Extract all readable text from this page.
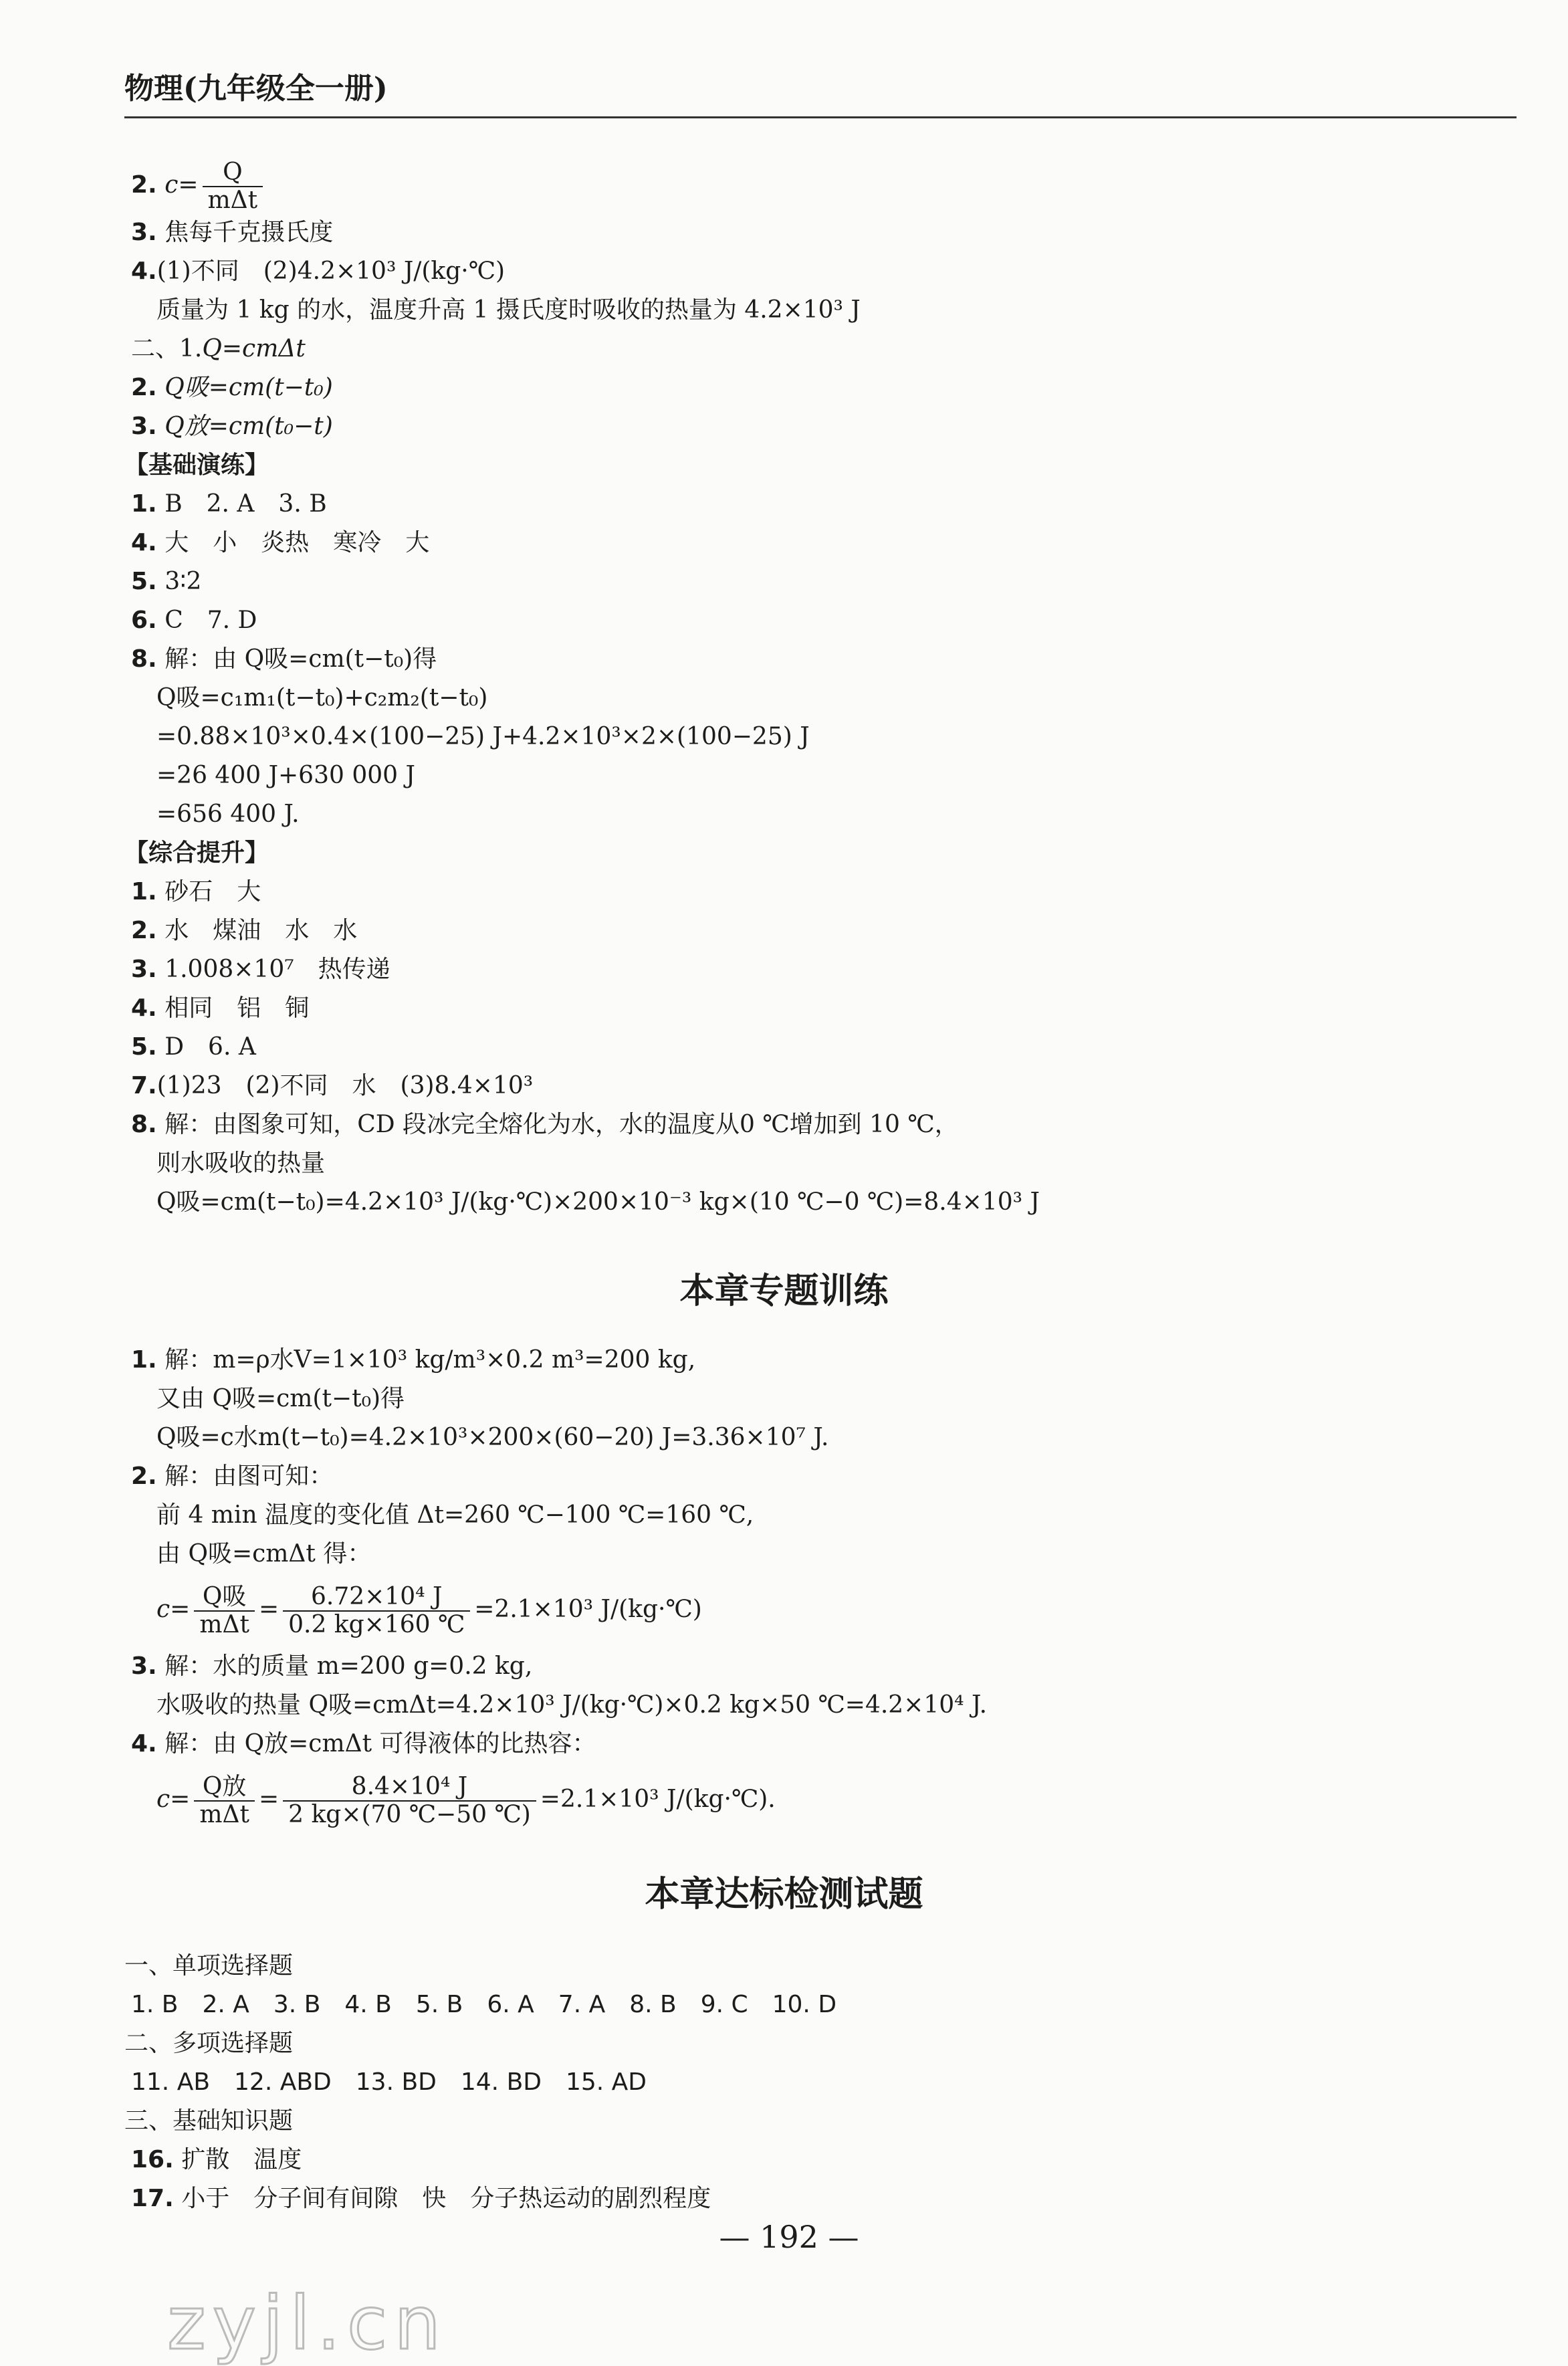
物理(九年级全一册)
2. $c= \frac{Q}{\text{mΔt}}$
3. 焦每千克摄氏度
4.(1)不同　(2)4.2×10³ J/(kg·℃)
质量为 1 kg 的水，温度升高 1 摄氏度时吸收的热量为 4.2×10³ J
二、1.Q=cmΔt
2. Q吸=cm(t−t₀)
3. Q放=cm(t₀−t)
【基础演练】
1. B　2. A　3. B
4. 大　小　炎热　寒冷　大
5. 3∶2
6. C　7. D
8. 解：由 Q吸=cm(t−t₀)得
Q吸=c₁m₁(t−t₀)+c₂m₂(t−t₀)
=0.88×10³×0.4×(100−25) J+4.2×10³×2×(100−25) J
=26 400 J+630 000 J
=656 400 J.
【综合提升】
1. 砂石　大
2. 水　煤油　水　水
3. 1.008×10⁷　热传递
4. 相同　铝　铜
5. D　6. A
7.(1)23　(2)不同　水　(3)8.4×10³
8. 解：由图象可知，CD 段冰完全熔化为水，水的温度从0 ℃增加到 10 ℃，
则水吸收的热量
Q吸=cm(t−t₀)=4.2×10³ J/(kg·℃)×200×10⁻³ kg×(10 ℃−0 ℃)=8.4×10³ J
本章专题训练
1. 解：m=ρ水V=1×10³ kg/m³×0.2 m³=200 kg,
又由 Q吸=cm(t−t₀)得
Q吸=c水m(t−t₀)=4.2×10³×200×(60−20) J=3.36×10⁷ J.
2. 解：由图可知：
前 4 min 温度的变化值 Δt=260 ℃−100 ℃=160 ℃,
由 Q吸=cmΔt 得：
$c= \frac{\text{Q吸}}{\text{mΔt}} = \frac{\text{6.72×10⁴ J}}{0.2 kg\times 160 ℃} =2.1\times 10^3$ J/(kg·℃)
3. 解：水的质量 m=200 g=0.2 kg,
水吸收的热量 Q吸=cmΔt=4.2×10³ J/(kg·℃)×0.2 kg×50 ℃=4.2×10⁴ J.
4. 解：由 Q放=cmΔt 可得液体的比热容：
$c= \frac{\text{Q放}}{\text{mΔt}} = \frac{\text{8.4×10⁴ J}}{2 kg\times(70 ℃-50 ℃)} =2.1\times 10^3$ J/(kg·℃).
本章达标检测试题
一、单项选择题
1. B　2. A　3. B　4. B　5. B　6. A　7. A　8. B　9. C　10. D
二、多项选择题
11. AB　12. ABD　13. BD　14. BD　15. AD
三、基础知识题
16. 扩散　温度
17. 小于　分子间有间隙　快　分子热运动的剧烈程度
— 192 —
zyjl.cn
